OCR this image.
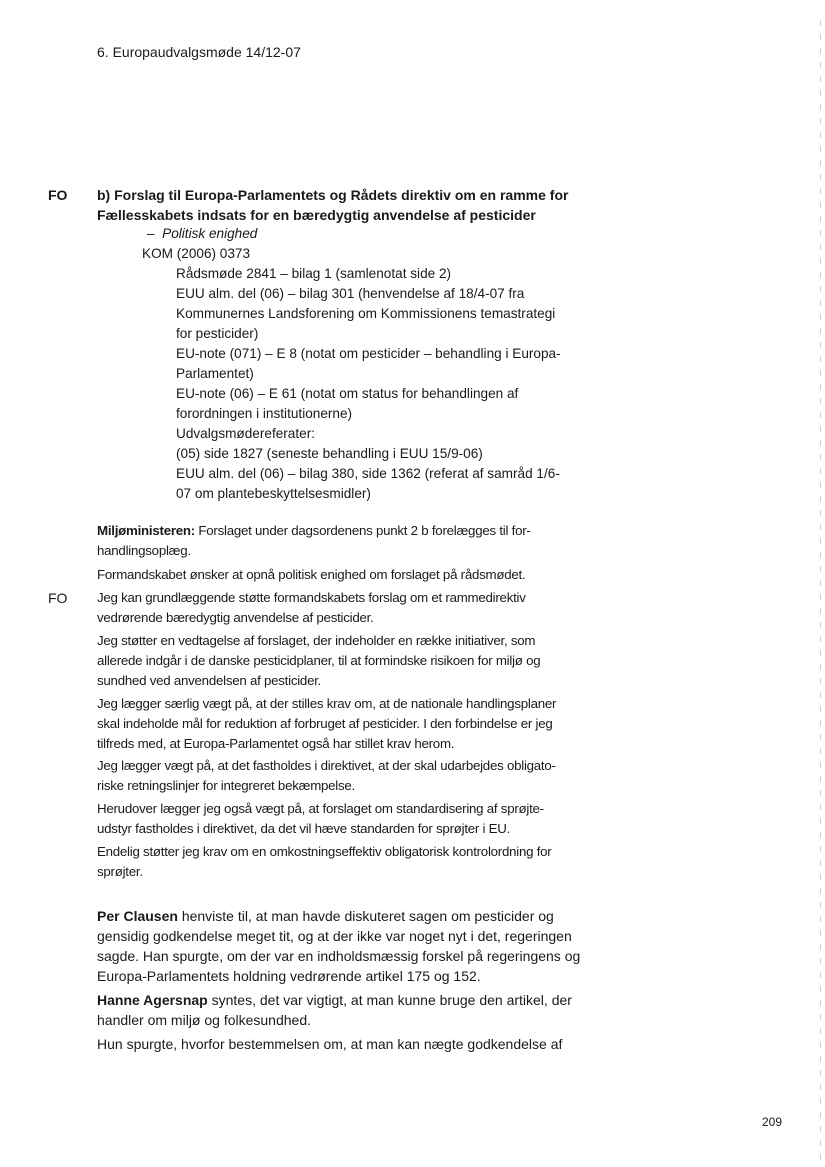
6. Europaudvalgsmøde 14/12-07
FO b) Forslag til Europa-Parlamentets og Rådets direktiv om en ramme for
Fællesskabets indsats for en bæredygtig anvendelse af pesticider
– Politisk enighed
KOM (2006) 0373
Rådsmøde 2841 – bilag 1 (samlenotat side 2)
EUU alm. del (06) – bilag 301 (henvendelse af 18/4-07 fra
Kommunernes Landsforening om Kommissionens temastrategi
for pesticider)
EU-note (071) – E 8 (notat om pesticider – behandling i Europa-
Parlamentet)
EU-note (06) – E 61 (notat om status for behandlingen af
forordningen i institutionerne)
Udvalgsmødereferater:
(05) side 1827 (seneste behandling i EUU 15/9-06)
EUU alm. del (06) – bilag 380, side 1362 (referat af samråd 1/6-
07 om plantebeskyttelsesmidler)
Miljøministeren: Forslaget under dagsordenens punkt 2 b forelægges til for-
handlingsoplæg.
Formandskabet ønsker at opnå politisk enighed om forslaget på rådsmødet.
Jeg kan grundlæggende støtte formandskabets forslag om et rammedirektiv
vedrørende bæredygtig anvendelse af pesticider.
Jeg støtter en vedtagelse af forslaget, der indeholder en række initiativer, som
allerede indgår i de danske pesticidplaner, til at formindske risikoen for miljø og
sundhed ved anvendelsen af pesticider.
Jeg lægger særlig vægt på, at der stilles krav om, at de nationale handlingsplaner
skal indeholde mål for reduktion af forbruget af pesticider. I den forbindelse er jeg
tilfreds med, at Europa-Parlamentet også har stillet krav herom.
Jeg lægger vægt på, at det fastholdes i direktivet, at der skal udarbejdes obligato-
riske retningslinjer for integreret bekæmpelse.
Herudover lægger jeg også vægt på, at forslaget om standardisering af sprøjte-
udstyr fastholdes i direktivet, da det vil hæve standarden for sprøjter i EU.
Endelig støtter jeg krav om en omkostningseffektiv obligatorisk kontrolordning for
sprøjter.
FO
Per Clausen henviste til, at man havde diskuteret sagen om pesticider og
gensidig godkendelse meget tit, og at der ikke var noget nyt i det, regeringen
sagde. Han spurgte, om der var en indholdsmæssig forskel på regeringens og
Europa-Parlamentets holdning vedrørende artikel 175 og 152.
Hanne Agersnap syntes, det var vigtigt, at man kunne bruge den artikel, der
handler om miljø og folkesundhed.
Hun spurgte, hvorfor bestemmelsen om, at man kan nægte godkendelse af
209
